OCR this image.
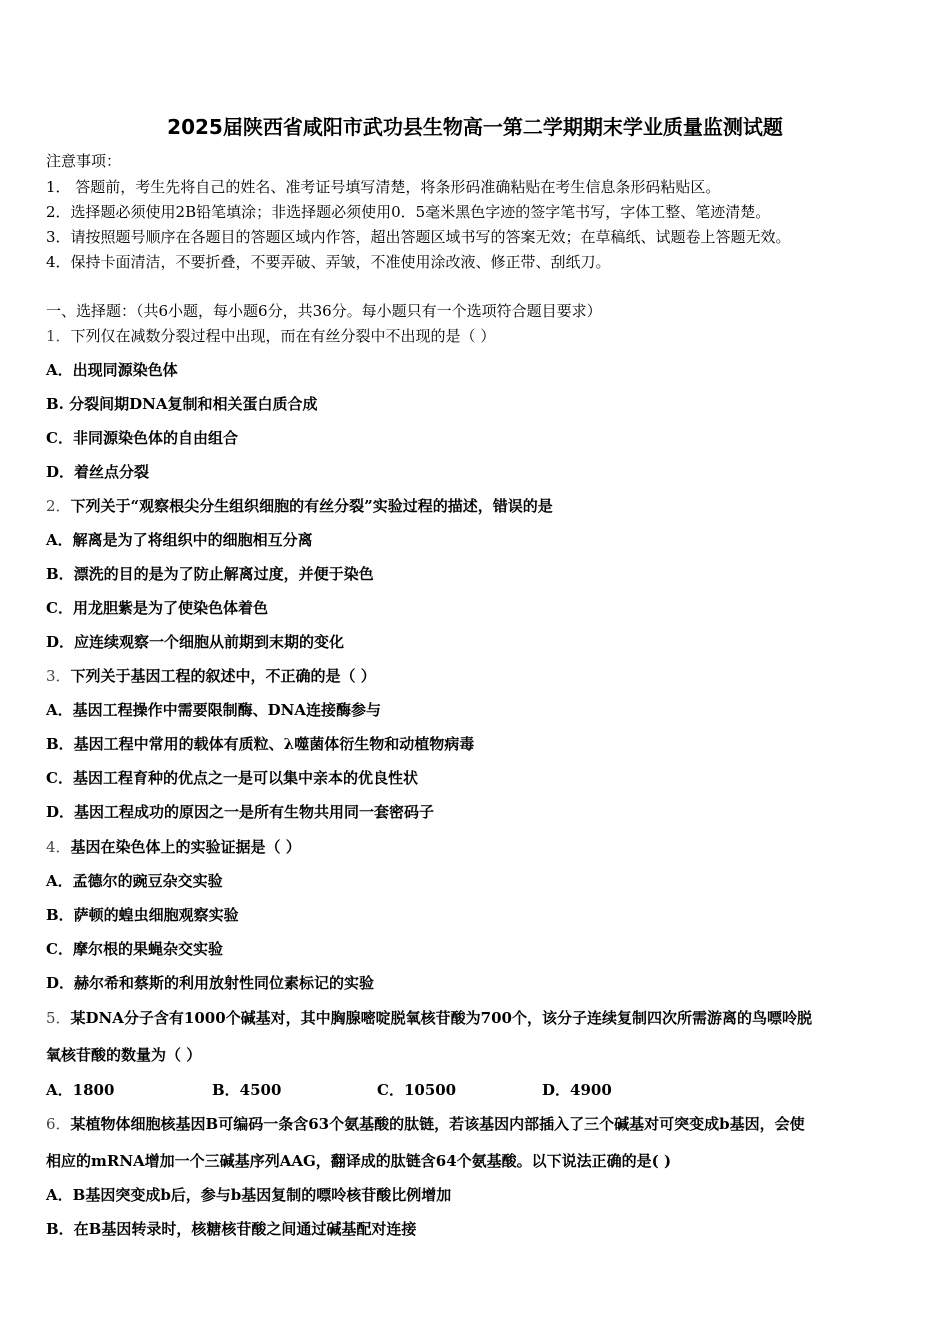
2025届陕西省咸阳市武功县生物高一第二学期期末学业质量监测试题
注意事项：
1． 答题前，考生先将自己的姓名、准考证号填写清楚，将条形码准确粘贴在考生信息条形码粘贴区。
2．选择题必须使用2B铅笔填涂；非选择题必须使用0．5毫米黑色字迹的签字笔书写，字体工整、笔迹清楚。
3．请按照题号顺序在各题目的答题区域内作答，超出答题区域书写的答案无效；在草稿纸、试题卷上答题无效。
4．保持卡面清洁，不要折叠，不要弄破、弄皱，不准使用涂改液、修正带、刮纸刀。
一、选择题：（共6小题，每小题6分，共36分。每小题只有一个选项符合题目要求）
1．下列仅在减数分裂过程中出现，而在有丝分裂中不出现的是（ ）
A．出现同源染色体
B. 分裂间期DNA复制和相关蛋白质合成
C．非同源染色体的自由组合
D．着丝点分裂
2．下列关于“观察根尖分生组织细胞的有丝分裂”实验过程的描述，错误的是
A．解离是为了将组织中的细胞相互分离
B．漂洗的目的是为了防止解离过度，并便于染色
C．用龙胆紫是为了使染色体着色
D．应连续观察一个细胞从前期到末期的变化
3．下列关于基因工程的叙述中，不正确的是（ ）
A．基因工程操作中需要限制酶、DNA连接酶参与
B．基因工程中常用的载体有质粒、λ噬菌体衍生物和动植物病毒
C．基因工程育种的优点之一是可以集中亲本的优良性状
D．基因工程成功的原因之一是所有生物共用同一套密码子
4．基因在染色体上的实验证据是（ ）
A．孟德尔的豌豆杂交实验
B．萨顿的蝗虫细胞观察实验
C．摩尔根的果蝇杂交实验
D．赫尔希和蔡斯的利用放射性同位素标记的实验
5．某DNA分子含有1000个碱基对，其中胸腺嘧啶脱氧核苷酸为700个，该分子连续复制四次所需游离的鸟嘌呤脱
氧核苷酸的数量为（ ）
A．1800	B．4500	C．10500	D．4900
6．某植物体细胞核基因B可编码一条含63个氨基酸的肽链，若该基因内部插入了三个碱基对可突变成b基因，会使
相应的mRNA增加一个三碱基序列AAG，翻译成的肽链含64个氨基酸。以下说法正确的是( )
A．B基因突变成b后，参与b基因复制的嘌呤核苷酸比例增加
B．在B基因转录时，核糖核苷酸之间通过碱基配对连接
